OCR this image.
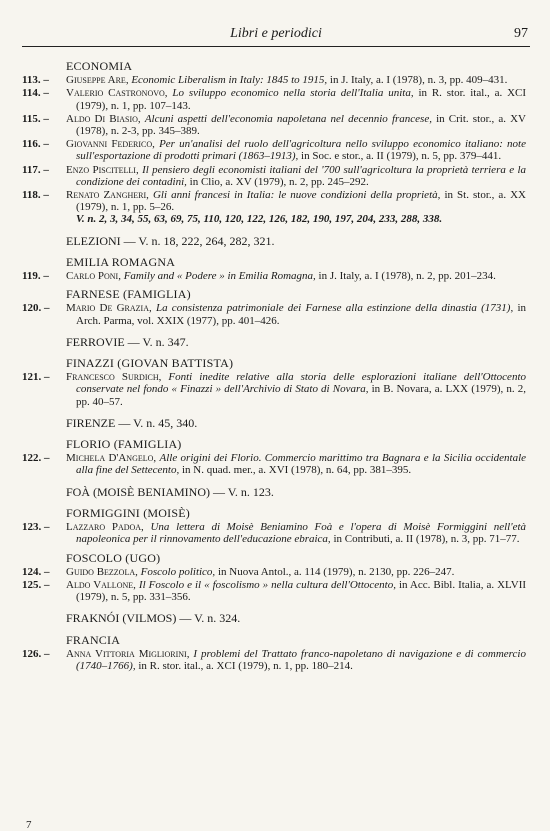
Libri e periodici	97
ECONOMIA
113. –	Giuseppe Are, Economic Liberalism in Italy: 1845 to 1915, in J. Italy, a. I (1978), n. 3, pp. 409–431.
114. –	Valerio Castronovo, Lo sviluppo economico nella storia dell'Italia unita, in R. stor. ital., a. XCI (1979), n. 1, pp. 107–143.
115. –	Aldo Di Biasio, Alcuni aspetti dell'economia napoletana nel decennio francese, in Crit. stor., a. XV (1978), n. 2-3, pp. 345–389.
116. –	Giovanni Federico, Per un'analisi del ruolo dell'agricoltura nello sviluppo economico italiano: note sull'esportazione di prodotti primari (1863–1913), in Soc. e stor., a. II (1979), n. 5, pp. 379–441.
117. –	Enzo Piscitelli, Il pensiero degli economisti italiani del '700 sull'agricoltura la proprietà terriera e la condizione dei contadini, in Clio, a. XV (1979), n. 2, pp. 245–292.
118. –	Renato Zangheri, Gli anni francesi in Italia: le nuove condizioni della proprietà, in St. stor., a. XX (1979), n. 1, pp. 5–26.
V. n. 2, 3, 34, 55, 63, 69, 75, 110, 120, 122, 126, 182, 190, 197, 204, 233, 288, 338.
ELEZIONI — V. n. 18, 222, 264, 282, 321.
EMILIA ROMAGNA
119. –	Carlo Poni, Family and « Podere » in Emilia Romagna, in J. Italy, a. I (1978), n. 2, pp. 201–234.
FARNESE (FAMIGLIA)
120. –	Mario De Grazia, La consistenza patrimoniale dei Farnese alla estinzione della dinastia (1731), in Arch. Parma, vol. XXIX (1977), pp. 401–426.
FERROVIE — V. n. 347.
FINAZZI (GIOVAN BATTISTA)
121. –	Francesco Surdich, Fonti inedite relative alla storia delle esplorazioni italiane dell'Ottocento conservate nel fondo « Finazzi » dell'Archivio di Stato di Novara, in B. Novara, a. LXX (1979), n. 2, pp. 40–57.
FIRENZE — V. n. 45, 340.
FLORIO (FAMIGLIA)
122. –	Michela D'Angelo, Alle origini dei Florio. Commercio marittimo tra Bagnara e la Sicilia occidentale alla fine del Settecento, in N. quad. mer., a. XVI (1978), n. 64, pp. 381–395.
FOÀ (MOISÈ BENIAMINO) — V. n. 123.
FORMIGGINI (MOISÈ)
123. –	Lazzaro Padoa, Una lettera di Moisè Beniamino Foà e l'opera di Moisè Formiggini nell'età napoleonica per il rinnovamento dell'educazione ebraica, in Contributi, a. II (1978), n. 3, pp. 71–77.
FOSCOLO (UGO)
124. –	Guido Bezzola, Foscolo politico, in Nuova Antol., a. 114 (1979), n. 2130, pp. 226–247.
125. –	Aldo Vallone, Il Foscolo e il « foscolismo » nella cultura dell'Ottocento, in Acc. Bibl. Italia, a. XLVII (1979), n. 5, pp. 331–356.
FRAKNÓI (VILMOS) — V. n. 324.
FRANCIA
126. –	Anna Vittoria Migliorini, I problemi del Trattato franco-napoletano di navigazione e di commercio (1740–1766), in R. stor. ital., a. XCI (1979), n. 1, pp. 180–214.
7
